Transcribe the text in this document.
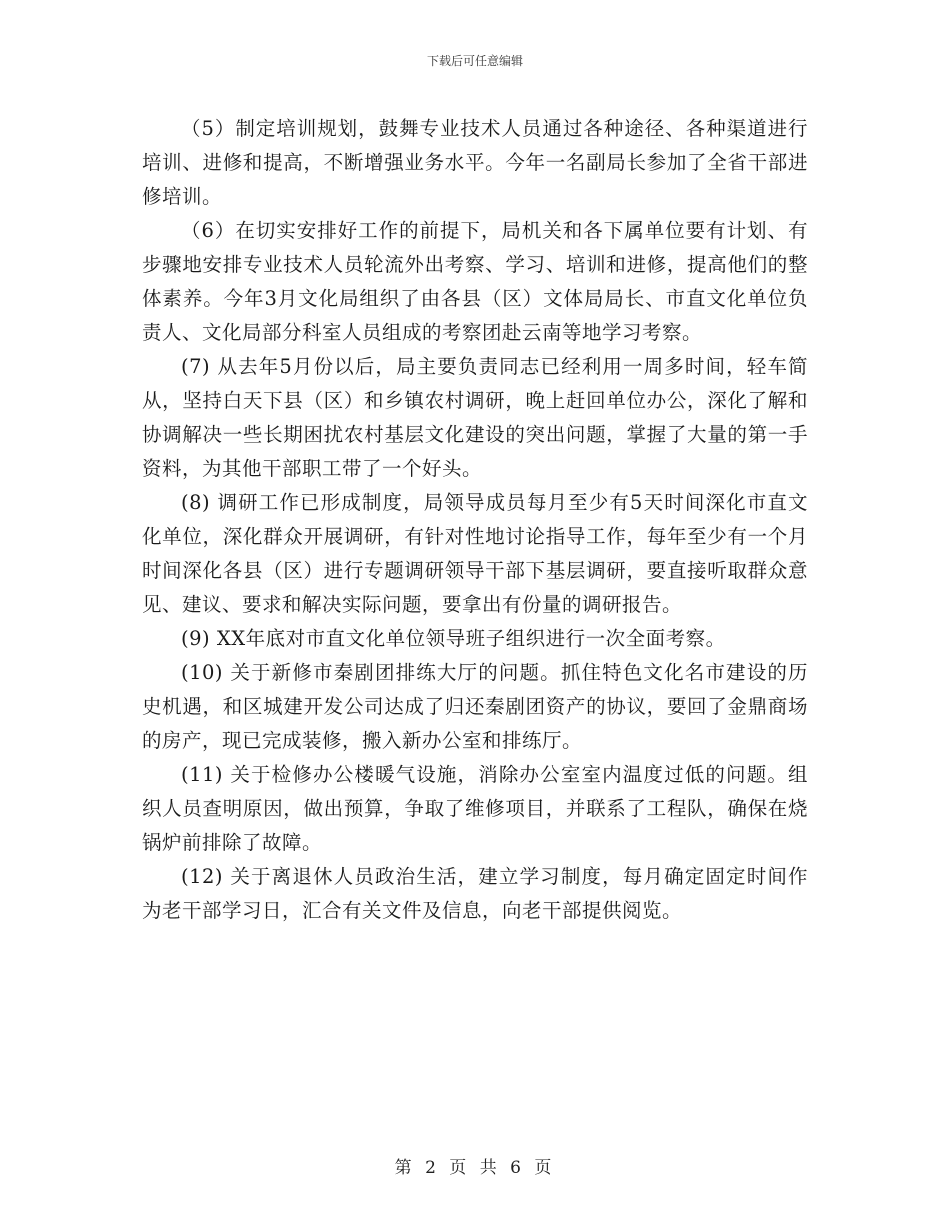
下载后可任意编辑

（5）制定培训规划，鼓舞专业技术人员通过各种途径、各种渠道进行培训、进修和提高，不断增强业务水平。今年一名副局长参加了全省干部进修培训。

（6）在切实安排好工作的前提下，局机关和各下属单位要有计划、有步骤地安排专业技术人员轮流外出考察、学习、培训和进修，提高他们的整体素养。今年3月文化局组织了由各县（区）文体局局长、市直文化单位负责人、文化局部分科室人员组成的考察团赴云南等地学习考察。

(7) 从去年5月份以后，局主要负责同志已经利用一周多时间，轻车简从，坚持白天下县（区）和乡镇农村调研，晚上赶回单位办公，深化了解和协调解决一些长期困扰农村基层文化建设的突出问题，掌握了大量的第一手资料，为其他干部职工带了一个好头。

(8) 调研工作已形成制度，局领导成员每月至少有5天时间深化市直文化单位，深化群众开展调研，有针对性地讨论指导工作，每年至少有一个月时间深化各县（区）进行专题调研领导干部下基层调研，要直接听取群众意见、建议、要求和解决实际问题，要拿出有份量的调研报告。

(9) XX年底对市直文化单位领导班子组织进行一次全面考察。

(10) 关于新修市秦剧团排练大厅的问题。抓住特色文化名市建设的历史机遇，和区城建开发公司达成了归还秦剧团资产的协议，要回了金鼎商场的房产，现已完成装修，搬入新办公室和排练厅。

(11) 关于检修办公楼暖气设施，消除办公室室内温度过低的问题。组织人员查明原因，做出预算，争取了维修项目，并联系了工程队，确保在烧锅炉前排除了故障。

(12) 关于离退休人员政治生活，建立学习制度，每月确定固定时间作为老干部学习日，汇合有关文件及信息，向老干部提供阅览。

第 2 页 共 6 页
